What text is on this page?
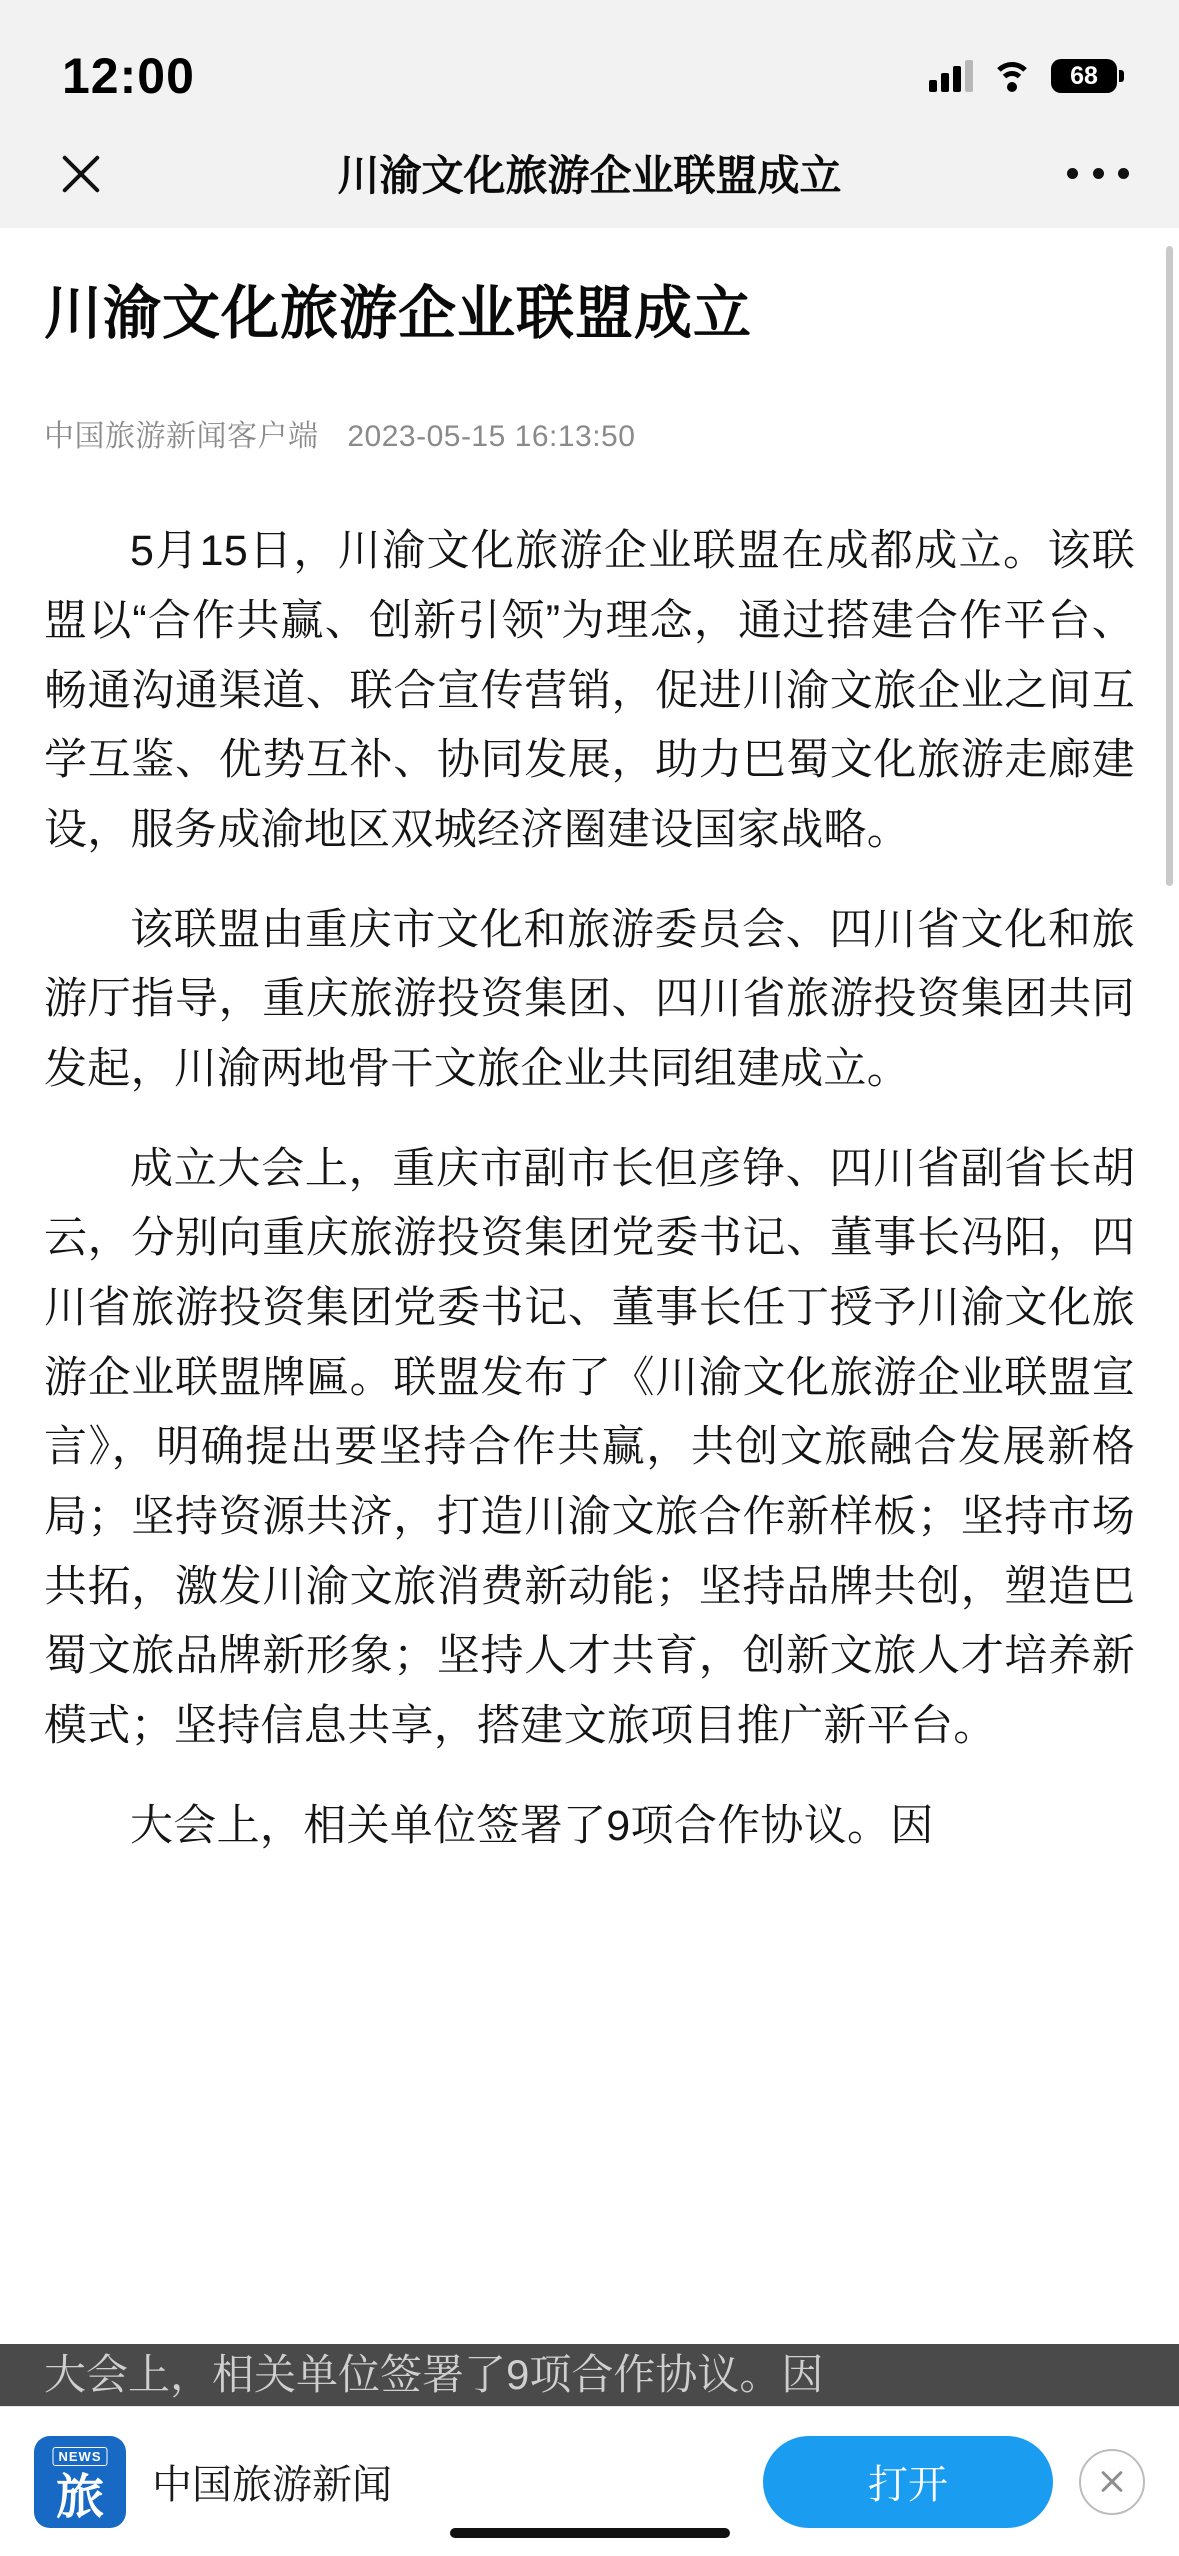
12:00	68
川渝文化旅游企业联盟成立
川渝文化旅游企业联盟成立
中国旅游新闻客户端 2023-05-15 16:13:50

5月15日，川渝文化旅游企业联盟在成都成立。该联盟以“合作共赢、创新引领”为理念，通过搭建合作平台、畅通沟通渠道、联合宣传营销，促进川渝文旅企业之间互学互鉴、优势互补、协同发展，助力巴蜀文化旅游走廊建设，服务成渝地区双城经济圈建设国家战略。

该联盟由重庆市文化和旅游委员会、四川省文化和旅游厅指导，重庆旅游投资集团、四川省旅游投资集团共同发起，川渝两地骨干文旅企业共同组建成立。

成立大会上，重庆市副市长但彦铮、四川省副省长胡云，分别向重庆旅游投资集团党委书记、董事长冯阳，四川省旅游投资集团党委书记、董事长任丁授予川渝文化旅游企业联盟牌匾。联盟发布了《川渝文化旅游企业联盟宣言》，明确提出要坚持合作共赢，共创文旅融合发展新格局；坚持资源共济，打造川渝文旅合作新样板；坚持市场共拓，激发川渝文旅消费新动能；坚持品牌共创，塑造巴蜀文旅品牌新形象；坚持人才共育，创新文旅人才培养新模式；坚持信息共享，搭建文旅项目推广新平台。

大会上，相关单位签署了9项合作协议。因

大会上，相关单位签署了9项合作协议。因
NEWS
旅	中国旅游新闻	打开
